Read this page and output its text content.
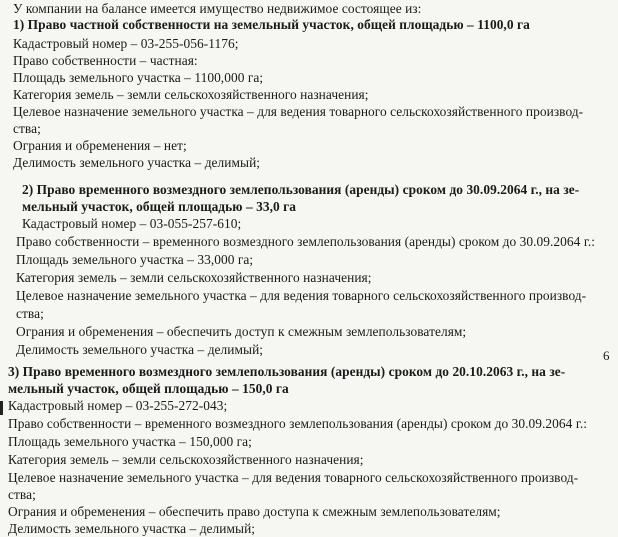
У компании на балансе имеется имущество недвижимое состоящее из:
1) Право частной собственности на земельный участок, общей площадью – 1100,0 га
Кадастровый номер – 03-255-056-1176;
Право собственности – частная:
Площадь земельного участка – 1100,000 га;
Категория земель – земли сельскохозяйственного назначения;
Целевое назначение земельного участка – для ведения товарного сельскохозяйственного производ-
ства;
Ограния и обременения – нет;
Делимость земельного участка – делимый;
2) Право временного возмездного землепользования (аренды) сроком до 30.09.2064 г., на зе-
мельный участок, общей площадью – 33,0 га
Кадастровый номер – 03-055-257-610;
Право собственности – временного возмездного землепользования (аренды) сроком до 30.09.2064 г.:
Площадь земельного участка – 33,000 га;
Категория земель – земли сельскохозяйственного назначения;
Целевое назначение земельного участка – для ведения товарного сельскохозяйственного производ-
ства;
Ограния и обременения – обеспечить доступ к смежным землепользователям;
Делимость земельного участка – делимый;	6
3) Право временного возмездного землепользования (аренды) сроком до 20.10.2063 г., на зе-
мельный участок, общей площадью – 150,0 га
Кадастровый номер – 03-255-272-043;
Право собственности – временного возмездного землепользования (аренды) сроком до 30.09.2064 г.:
Площадь земельного участка – 150,000 га;
Категория земель – земли сельскохозяйственного назначения;
Целевое назначение земельного участка – для ведения товарного сельскохозяйственного производ-
ства;
Ограния и обременения – обеспечить право доступа к смежным землепользователям;
Делимость земельного участка – делимый;
